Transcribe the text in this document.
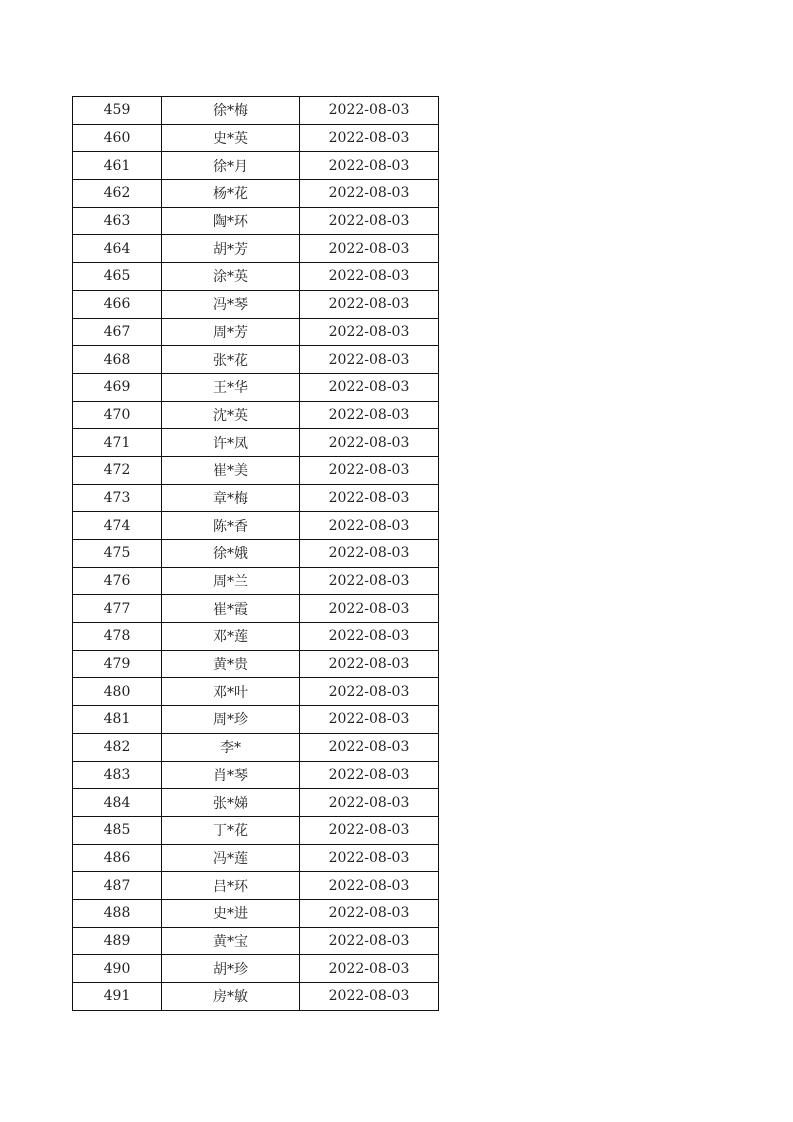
459	徐*梅	2022-08-03
460	史*英	2022-08-03
461	徐*月	2022-08-03
462	杨*花	2022-08-03
463	陶*环	2022-08-03
464	胡*芳	2022-08-03
465	涂*英	2022-08-03
466	冯*琴	2022-08-03
467	周*芳	2022-08-03
468	张*花	2022-08-03
469	王*华	2022-08-03
470	沈*英	2022-08-03
471	许*凤	2022-08-03
472	崔*美	2022-08-03
473	章*梅	2022-08-03
474	陈*香	2022-08-03
475	徐*娥	2022-08-03
476	周*兰	2022-08-03
477	崔*霞	2022-08-03
478	邓*莲	2022-08-03
479	黄*贵	2022-08-03
480	邓*叶	2022-08-03
481	周*珍	2022-08-03
482	李*	2022-08-03
483	肖*琴	2022-08-03
484	张*娣	2022-08-03
485	丁*花	2022-08-03
486	冯*莲	2022-08-03
487	吕*环	2022-08-03
488	史*进	2022-08-03
489	黄*宝	2022-08-03
490	胡*珍	2022-08-03
491	房*敏	2022-08-03
